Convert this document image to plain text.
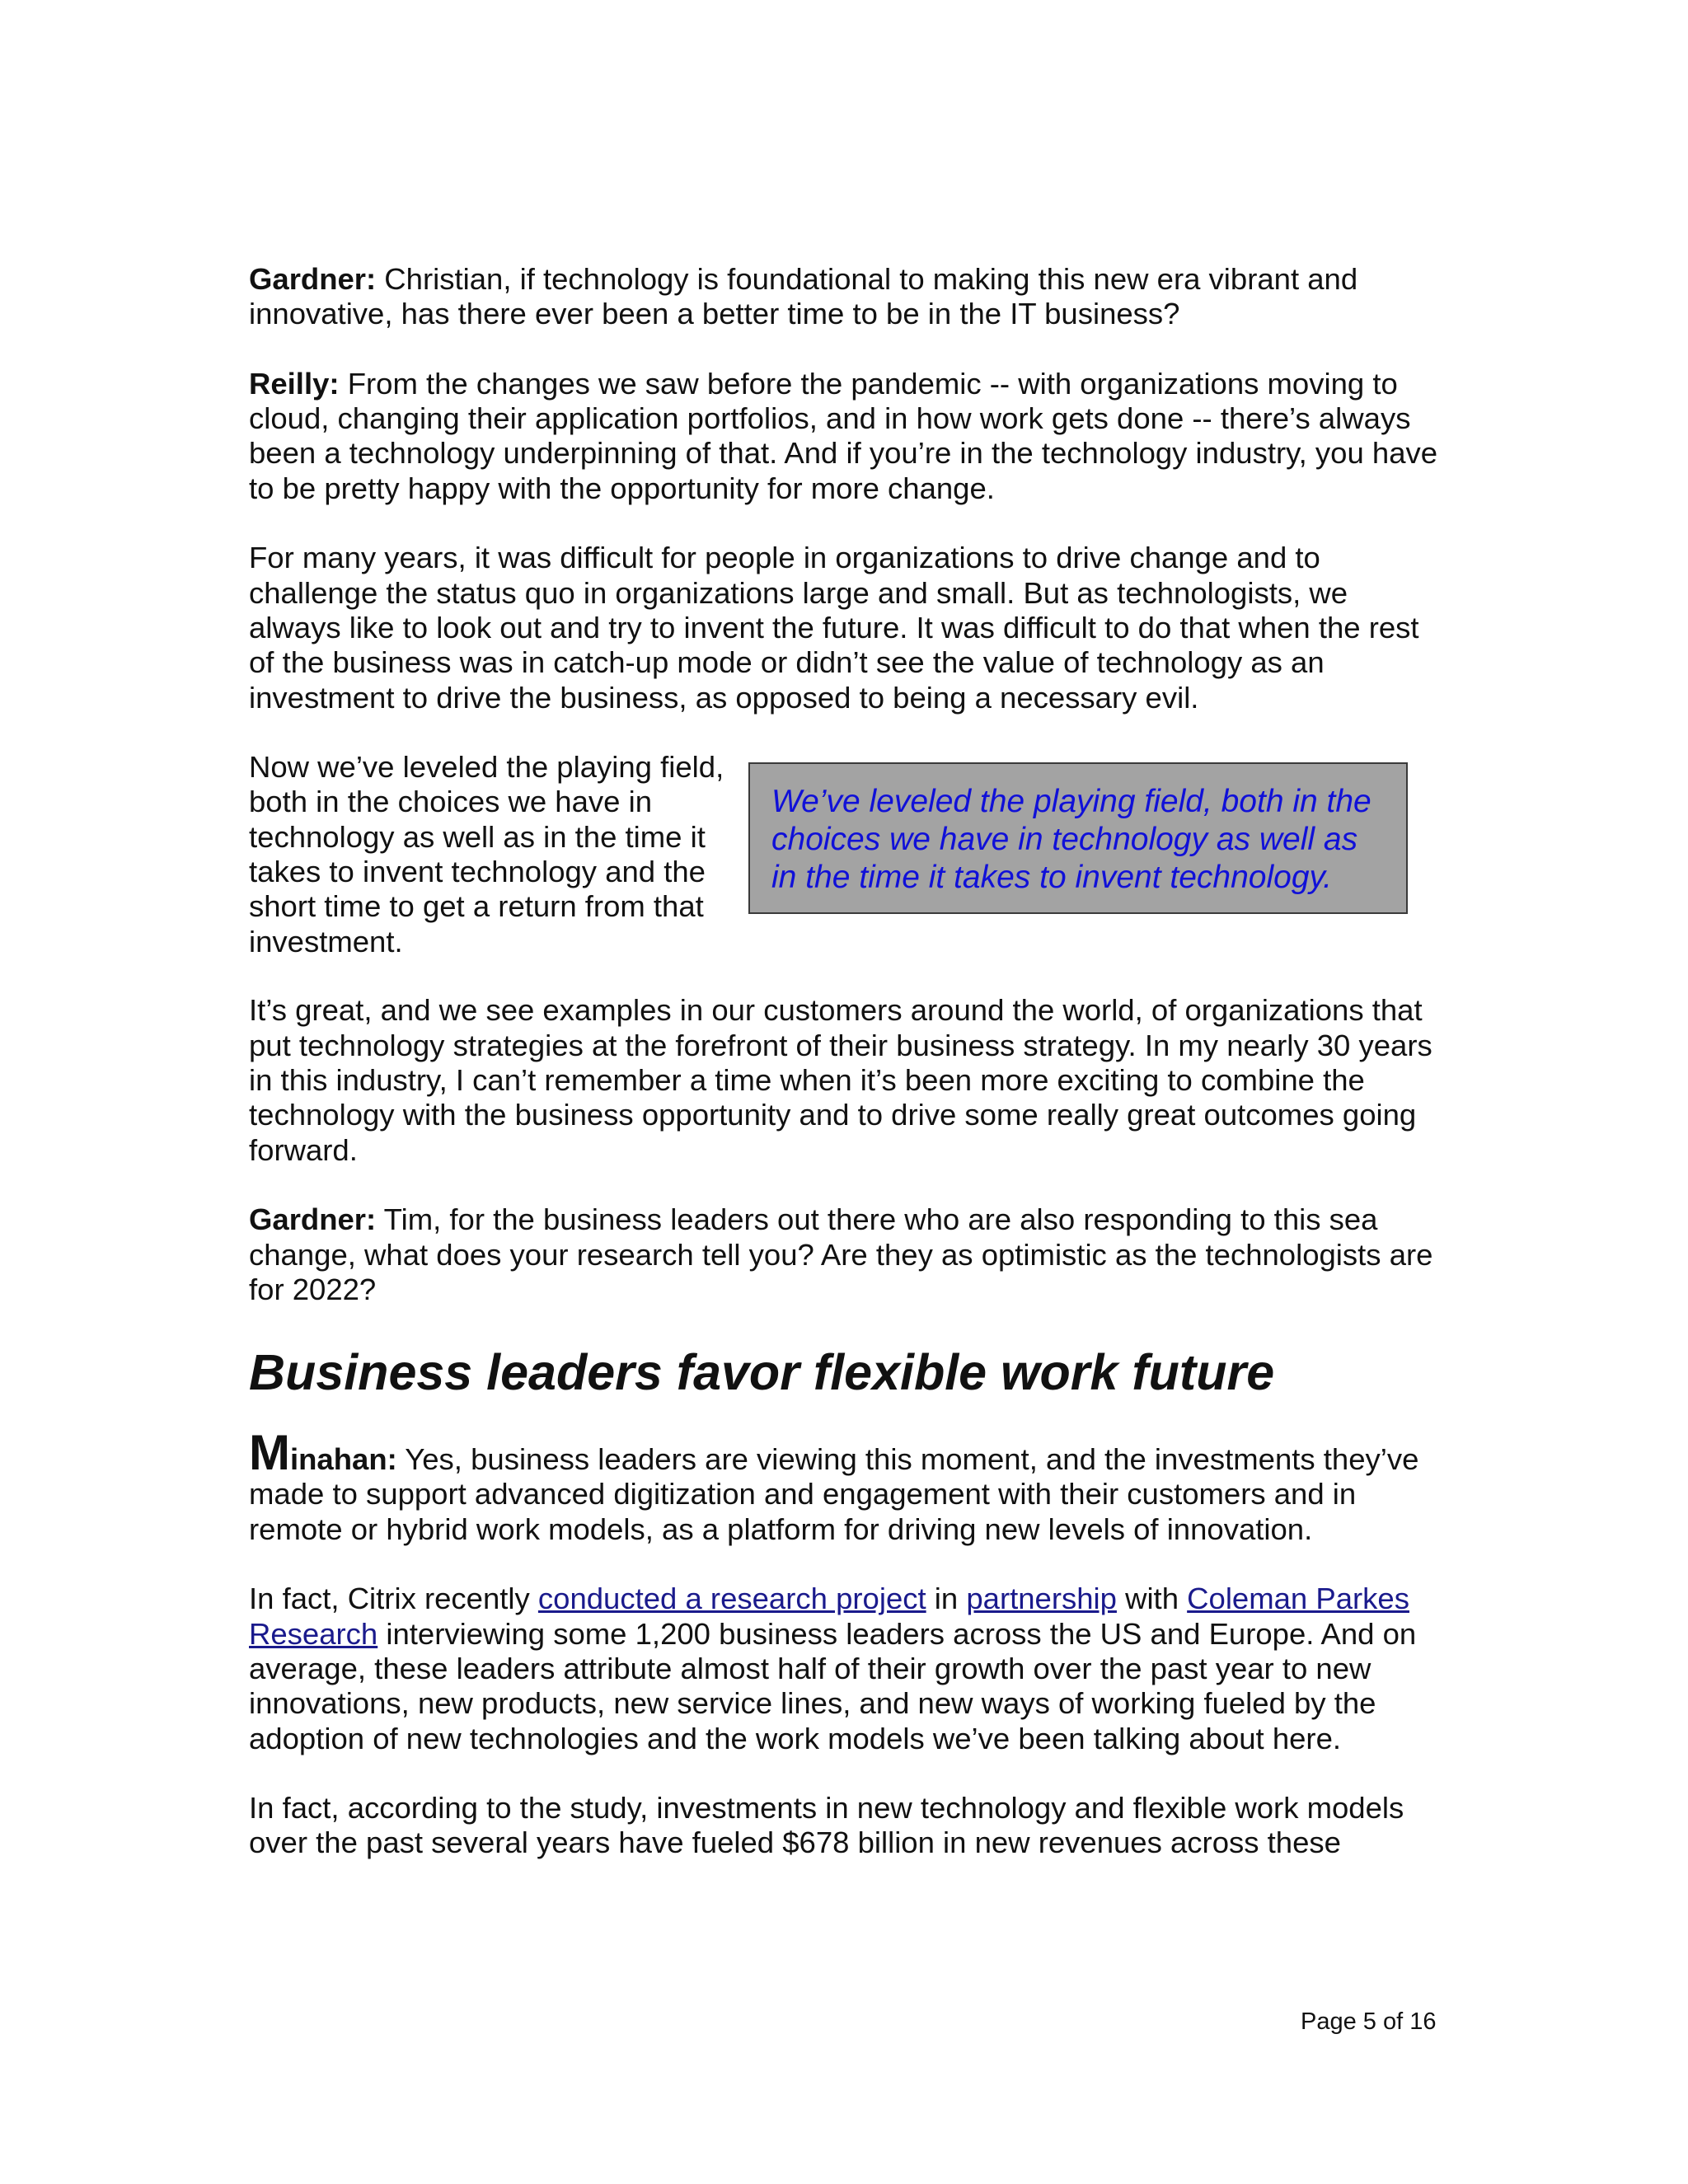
Gardner: Christian, if technology is foundational to making this new era vibrant and innovative, has there ever been a better time to be in the IT business?

Reilly: From the changes we saw before the pandemic -- with organizations moving to cloud, changing their application portfolios, and in how work gets done -- there’s always been a technology underpinning of that. And if you’re in the technology industry, you have to be pretty happy with the opportunity for more change.

For many years, it was difficult for people in organizations to drive change and to challenge the status quo in organizations large and small. But as technologists, we always like to look out and try to invent the future. It was difficult to do that when the rest of the business was in catch-up mode or didn’t see the value of technology as an investment to drive the business, as opposed to being a necessary evil.

Now we’ve leveled the playing field, both in the choices we have in technology as well as in the time it takes to invent technology and the short time to get a return from that investment.

We’ve leveled the playing field, both in the choices we have in technology as well as in the time it takes to invent technology.

It’s great, and we see examples in our customers around the world, of organizations that put technology strategies at the forefront of their business strategy. In my nearly 30 years in this industry, I can’t remember a time when it’s been more exciting to combine the technology with the business opportunity and to drive some really great outcomes going forward.

Gardner: Tim, for the business leaders out there who are also responding to this sea change, what does your research tell you? Are they as optimistic as the technologists are for 2022?

Business leaders favor flexible work future

Minahan: Yes, business leaders are viewing this moment, and the investments they’ve made to support advanced digitization and engagement with their customers and in remote or hybrid work models, as a platform for driving new levels of innovation.

In fact, Citrix recently conducted a research project in partnership with Coleman Parkes Research interviewing some 1,200 business leaders across the US and Europe. And on average, these leaders attribute almost half of their growth over the past year to new innovations, new products, new service lines, and new ways of working fueled by the adoption of new technologies and the work models we’ve been talking about here.

In fact, according to the study, investments in new technology and flexible work models over the past several years have fueled $678 billion in new revenues across these

Page 5 of 16
